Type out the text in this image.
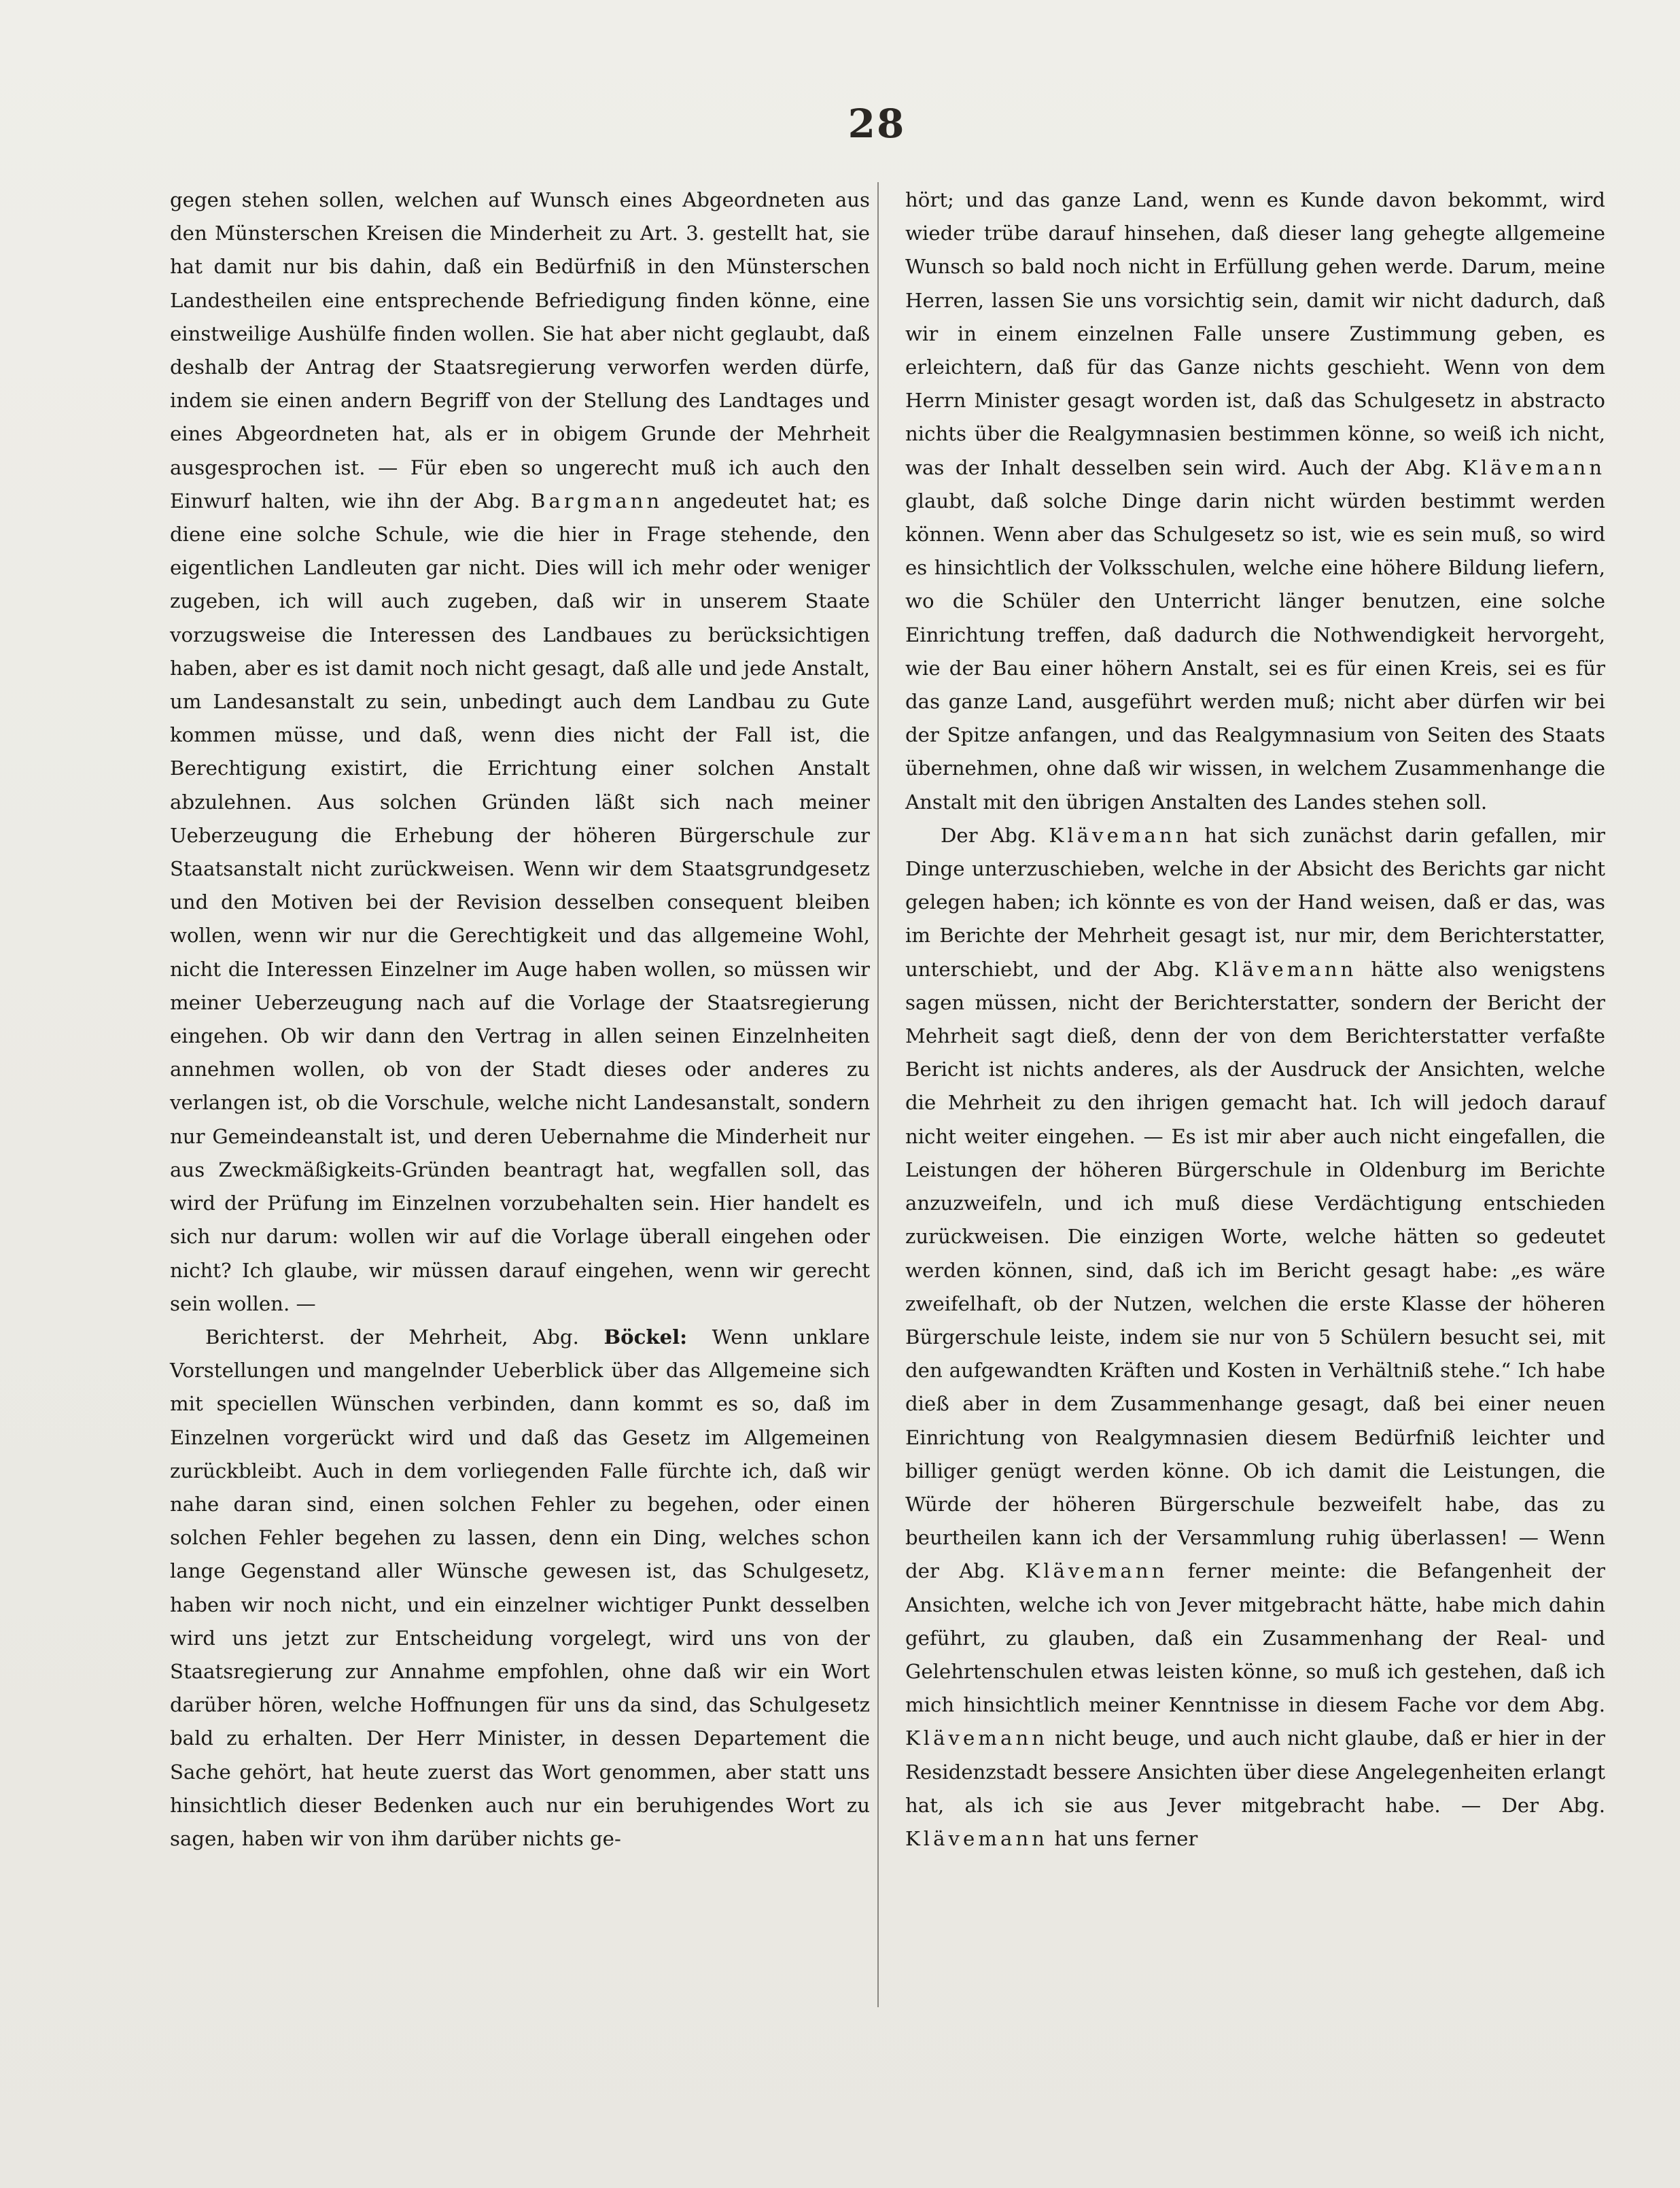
28

gegen stehen sollen, welchen auf Wunsch eines Abgeordneten aus den Münsterschen Kreisen die Minderheit zu Art. 3. gestellt hat, sie hat damit nur bis dahin, daß ein Bedürfniß in den Münsterschen Landestheilen eine entsprechende Befriedigung finden könne, eine einstweilige Aushülfe finden wollen. Sie hat aber nicht geglaubt, daß deshalb der Antrag der Staatsregierung verworfen werden dürfe, indem sie einen andern Begriff von der Stellung des Landtages und eines Abgeordneten hat, als er in obigem Grunde der Mehrheit ausgesprochen ist. — Für eben so ungerecht muß ich auch den Einwurf halten, wie ihn der Abg. Bargmann angedeutet hat; es diene eine solche Schule, wie die hier in Frage stehende, den eigentlichen Landleuten gar nicht. Dies will ich mehr oder weniger zugeben, ich will auch zugeben, daß wir in unserem Staate vorzugsweise die Interessen des Landbaues zu berücksichtigen haben, aber es ist damit noch nicht gesagt, daß alle und jede Anstalt, um Landesanstalt zu sein, unbedingt auch dem Landbau zu Gute kommen müsse, und daß, wenn dies nicht der Fall ist, die Berechtigung existirt, die Errichtung einer solchen Anstalt abzulehnen. Aus solchen Gründen läßt sich nach meiner Ueberzeugung die Erhebung der höheren Bürgerschule zur Staatsanstalt nicht zurückweisen. Wenn wir dem Staatsgrundgesetz und den Motiven bei der Revision desselben consequent bleiben wollen, wenn wir nur die Gerechtigkeit und das allgemeine Wohl, nicht die Interessen Einzelner im Auge haben wollen, so müssen wir meiner Ueberzeugung nach auf die Vorlage der Staatsregierung eingehen. Ob wir dann den Vertrag in allen seinen Einzelnheiten annehmen wollen, ob von der Stadt dieses oder anderes zu verlangen ist, ob die Vorschule, welche nicht Landesanstalt, sondern nur Gemeindeanstalt ist, und deren Uebernahme die Minderheit nur aus Zweckmäßigkeits-Gründen beantragt hat, wegfallen soll, das wird der Prüfung im Einzelnen vorzubehalten sein. Hier handelt es sich nur darum: wollen wir auf die Vorlage überall eingehen oder nicht? Ich glaube, wir müssen darauf eingehen, wenn wir gerecht sein wollen. —

Berichterst. der Mehrheit, Abg. Böckel: Wenn unklare Vorstellungen und mangelnder Ueberblick über das Allgemeine sich mit speciellen Wünschen verbinden, dann kommt es so, daß im Einzelnen vorgerückt wird und daß das Gesetz im Allgemeinen zurückbleibt. Auch in dem vorliegenden Falle fürchte ich, daß wir nahe daran sind, einen solchen Fehler zu begehen, oder einen solchen Fehler begehen zu lassen, denn ein Ding, welches schon lange Gegenstand aller Wünsche gewesen ist, das Schulgesetz, haben wir noch nicht, und ein einzelner wichtiger Punkt desselben wird uns jetzt zur Entscheidung vorgelegt, wird uns von der Staatsregierung zur Annahme empfohlen, ohne daß wir ein Wort darüber hören, welche Hoffnungen für uns da sind, das Schulgesetz bald zu erhalten. Der Herr Minister, in dessen Departement die Sache gehört, hat heute zuerst das Wort genommen, aber statt uns hinsichtlich dieser Bedenken auch nur ein beruhigendes Wort zu sagen, haben wir von ihm darüber nichts ge-

hört; und das ganze Land, wenn es Kunde davon bekommt, wird wieder trübe darauf hinsehen, daß dieser lang gehegte allgemeine Wunsch so bald noch nicht in Erfüllung gehen werde. Darum, meine Herren, lassen Sie uns vorsichtig sein, damit wir nicht dadurch, daß wir in einem einzelnen Falle unsere Zustimmung geben, es erleichtern, daß für das Ganze nichts geschieht. Wenn von dem Herrn Minister gesagt worden ist, daß das Schulgesetz in abstracto nichts über die Realgymnasien bestimmen könne, so weiß ich nicht, was der Inhalt desselben sein wird. Auch der Abg. Klävemann glaubt, daß solche Dinge darin nicht würden bestimmt werden können. Wenn aber das Schulgesetz so ist, wie es sein muß, so wird es hinsichtlich der Volksschulen, welche eine höhere Bildung liefern, wo die Schüler den Unterricht länger benutzen, eine solche Einrichtung treffen, daß dadurch die Nothwendigkeit hervorgeht, wie der Bau einer höhern Anstalt, sei es für einen Kreis, sei es für das ganze Land, ausgeführt werden muß; nicht aber dürfen wir bei der Spitze anfangen, und das Realgymnasium von Seiten des Staats übernehmen, ohne daß wir wissen, in welchem Zusammenhange die Anstalt mit den übrigen Anstalten des Landes stehen soll.

Der Abg. Klävemann hat sich zunächst darin gefallen, mir Dinge unterzuschieben, welche in der Absicht des Berichts gar nicht gelegen haben; ich könnte es von der Hand weisen, daß er das, was im Berichte der Mehrheit gesagt ist, nur mir, dem Berichterstatter, unterschiebt, und der Abg. Klävemann hätte also wenigstens sagen müssen, nicht der Berichterstatter, sondern der Bericht der Mehrheit sagt dieß, denn der von dem Berichterstatter verfaßte Bericht ist nichts anderes, als der Ausdruck der Ansichten, welche die Mehrheit zu den ihrigen gemacht hat. Ich will jedoch darauf nicht weiter eingehen. — Es ist mir aber auch nicht eingefallen, die Leistungen der höheren Bürgerschule in Oldenburg im Berichte anzuzweifeln, und ich muß diese Verdächtigung entschieden zurückweisen. Die einzigen Worte, welche hätten so gedeutet werden können, sind, daß ich im Bericht gesagt habe: „es wäre zweifelhaft, ob der Nutzen, welchen die erste Klasse der höheren Bürgerschule leiste, indem sie nur von 5 Schülern besucht sei, mit den aufgewandten Kräften und Kosten in Verhältniß stehe.“ Ich habe dieß aber in dem Zusammenhange gesagt, daß bei einer neuen Einrichtung von Realgymnasien diesem Bedürfniß leichter und billiger genügt werden könne. Ob ich damit die Leistungen, die Würde der höheren Bürgerschule bezweifelt habe, das zu beurtheilen kann ich der Versammlung ruhig überlassen! — Wenn der Abg. Klävemann ferner meinte: die Befangenheit der Ansichten, welche ich von Jever mitgebracht hätte, habe mich dahin geführt, zu glauben, daß ein Zusammenhang der Real- und Gelehrtenschulen etwas leisten könne, so muß ich gestehen, daß ich mich hinsichtlich meiner Kenntnisse in diesem Fache vor dem Abg. Klävemann nicht beuge, und auch nicht glaube, daß er hier in der Residenzstadt bessere Ansichten über diese Angelegenheiten erlangt hat, als ich sie aus Jever mitgebracht habe. — Der Abg. Klävemann hat uns ferner
